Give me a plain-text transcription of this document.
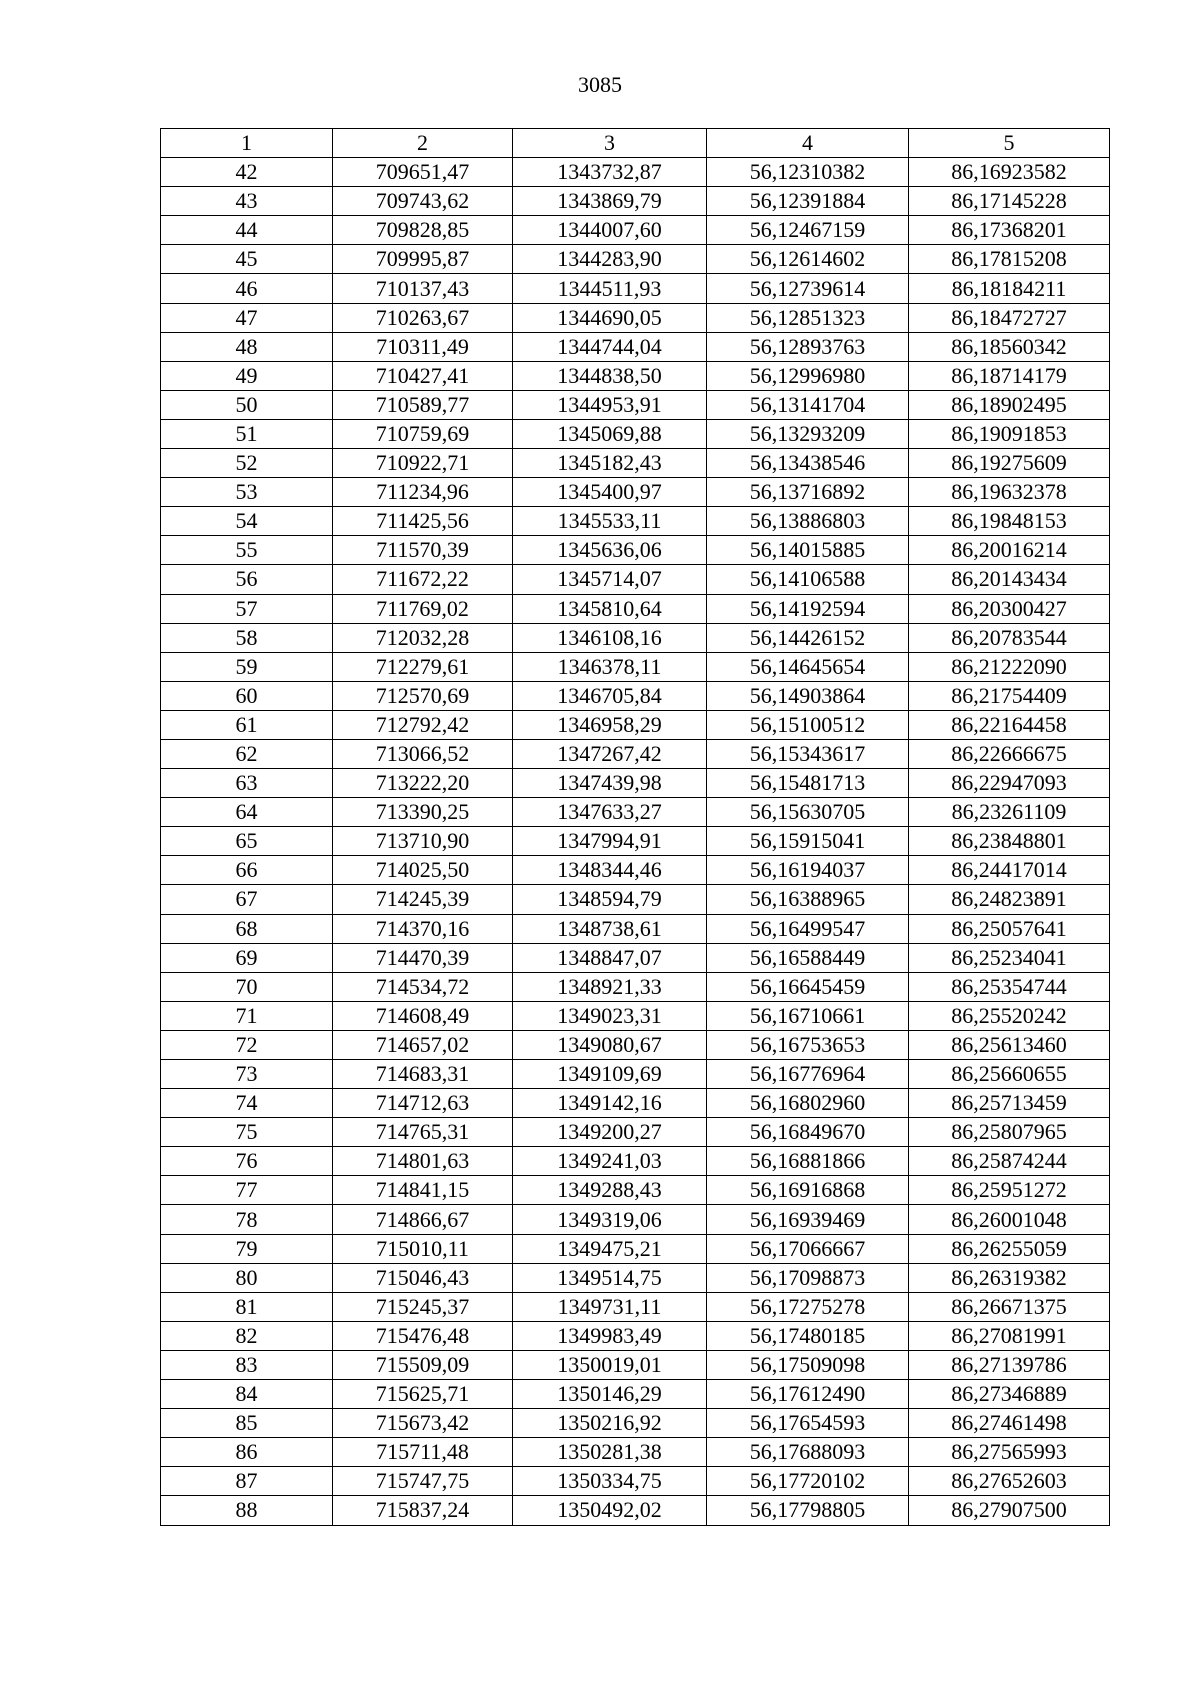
3085
1	2	3	4	5
42	709651,47	1343732,87	56,12310382	86,16923582
43	709743,62	1343869,79	56,12391884	86,17145228
44	709828,85	1344007,60	56,12467159	86,17368201
45	709995,87	1344283,90	56,12614602	86,17815208
46	710137,43	1344511,93	56,12739614	86,18184211
47	710263,67	1344690,05	56,12851323	86,18472727
48	710311,49	1344744,04	56,12893763	86,18560342
49	710427,41	1344838,50	56,12996980	86,18714179
50	710589,77	1344953,91	56,13141704	86,18902495
51	710759,69	1345069,88	56,13293209	86,19091853
52	710922,71	1345182,43	56,13438546	86,19275609
53	711234,96	1345400,97	56,13716892	86,19632378
54	711425,56	1345533,11	56,13886803	86,19848153
55	711570,39	1345636,06	56,14015885	86,20016214
56	711672,22	1345714,07	56,14106588	86,20143434
57	711769,02	1345810,64	56,14192594	86,20300427
58	712032,28	1346108,16	56,14426152	86,20783544
59	712279,61	1346378,11	56,14645654	86,21222090
60	712570,69	1346705,84	56,14903864	86,21754409
61	712792,42	1346958,29	56,15100512	86,22164458
62	713066,52	1347267,42	56,15343617	86,22666675
63	713222,20	1347439,98	56,15481713	86,22947093
64	713390,25	1347633,27	56,15630705	86,23261109
65	713710,90	1347994,91	56,15915041	86,23848801
66	714025,50	1348344,46	56,16194037	86,24417014
67	714245,39	1348594,79	56,16388965	86,24823891
68	714370,16	1348738,61	56,16499547	86,25057641
69	714470,39	1348847,07	56,16588449	86,25234041
70	714534,72	1348921,33	56,16645459	86,25354744
71	714608,49	1349023,31	56,16710661	86,25520242
72	714657,02	1349080,67	56,16753653	86,25613460
73	714683,31	1349109,69	56,16776964	86,25660655
74	714712,63	1349142,16	56,16802960	86,25713459
75	714765,31	1349200,27	56,16849670	86,25807965
76	714801,63	1349241,03	56,16881866	86,25874244
77	714841,15	1349288,43	56,16916868	86,25951272
78	714866,67	1349319,06	56,16939469	86,26001048
79	715010,11	1349475,21	56,17066667	86,26255059
80	715046,43	1349514,75	56,17098873	86,26319382
81	715245,37	1349731,11	56,17275278	86,26671375
82	715476,48	1349983,49	56,17480185	86,27081991
83	715509,09	1350019,01	56,17509098	86,27139786
84	715625,71	1350146,29	56,17612490	86,27346889
85	715673,42	1350216,92	56,17654593	86,27461498
86	715711,48	1350281,38	56,17688093	86,27565993
87	715747,75	1350334,75	56,17720102	86,27652603
88	715837,24	1350492,02	56,17798805	86,27907500
